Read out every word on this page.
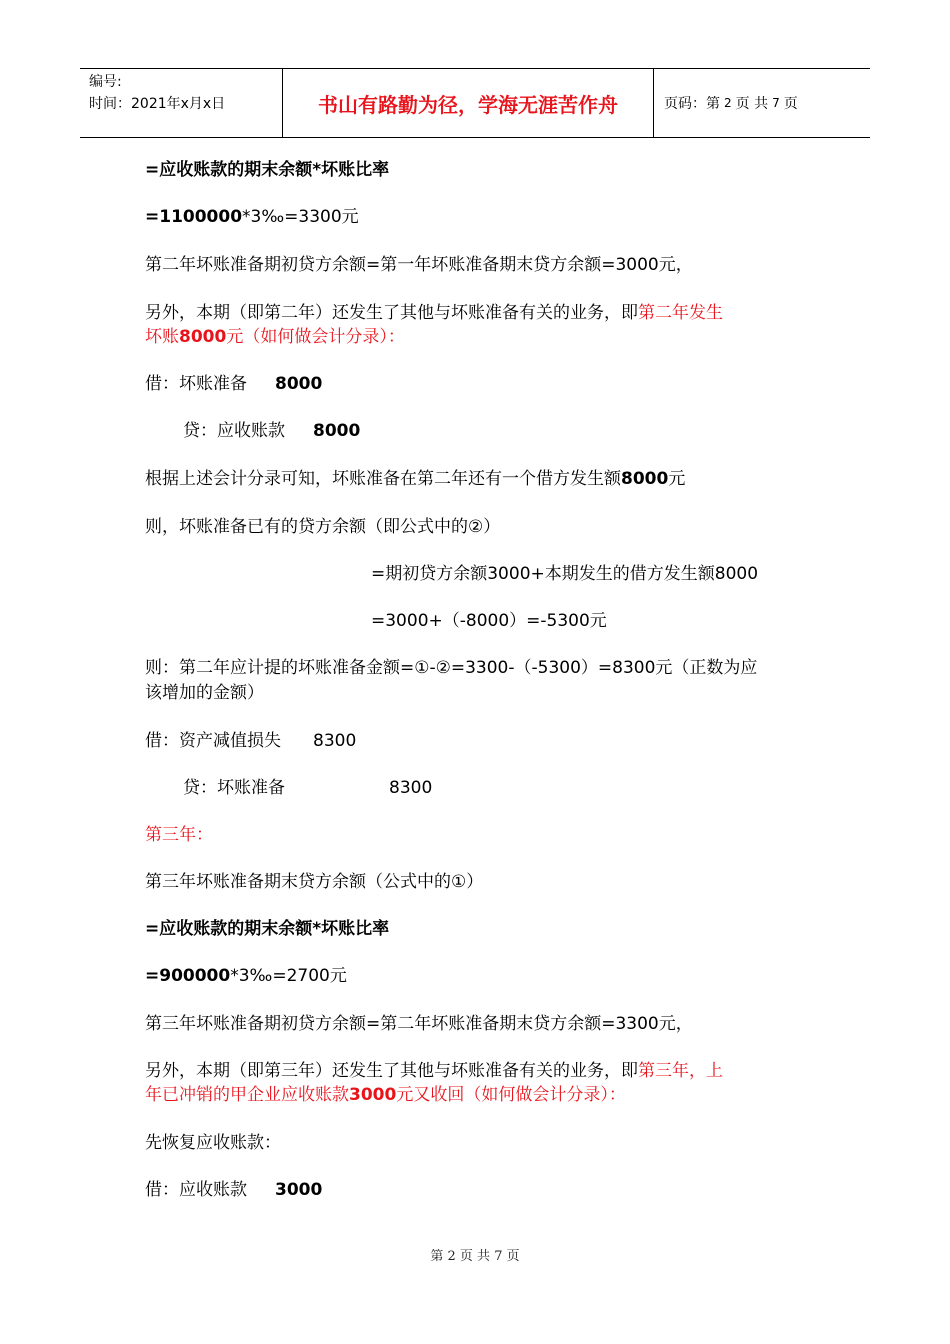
编号:
时间：2021年x月x日	书山有路勤为径，学海无涯苦作舟	页码：第 2 页 共 7 页
=应收账款的期末余额*坏账比率
=1100000*3‰=3300元
第二年坏账准备期初贷方余额=第一年坏账准备期末贷方余额=3000元，
另外，本期（即第二年）还发生了其他与坏账准备有关的业务，即第二年发生
坏账8000元（如何做会计分录）：
借：坏账准备 8000
贷：应收账款 8000
根据上述会计分录可知，坏账准备在第二年还有一个借方发生额8000元
则，坏账准备已有的贷方余额（即公式中的②）
=期初贷方余额3000+本期发生的借方发生额8000
=3000+（-8000）=-5300元
则：第二年应计提的坏账准备金额=①-②=3300-（-5300）=8300元（正数为应
该增加的金额）
借：资产减值损失 8300
贷：坏账准备	8300
第三年：
第三年坏账准备期末贷方余额（公式中的①）
=应收账款的期末余额*坏账比率
=900000*3‰=2700元
第三年坏账准备期初贷方余额=第二年坏账准备期末贷方余额=3300元，
另外，本期（即第三年）还发生了其他与坏账准备有关的业务，即第三年，上
年已冲销的甲企业应收账款3000元又收回（如何做会计分录）：
先恢复应收账款：
借：应收账款 3000
第 2 页 共 7 页
